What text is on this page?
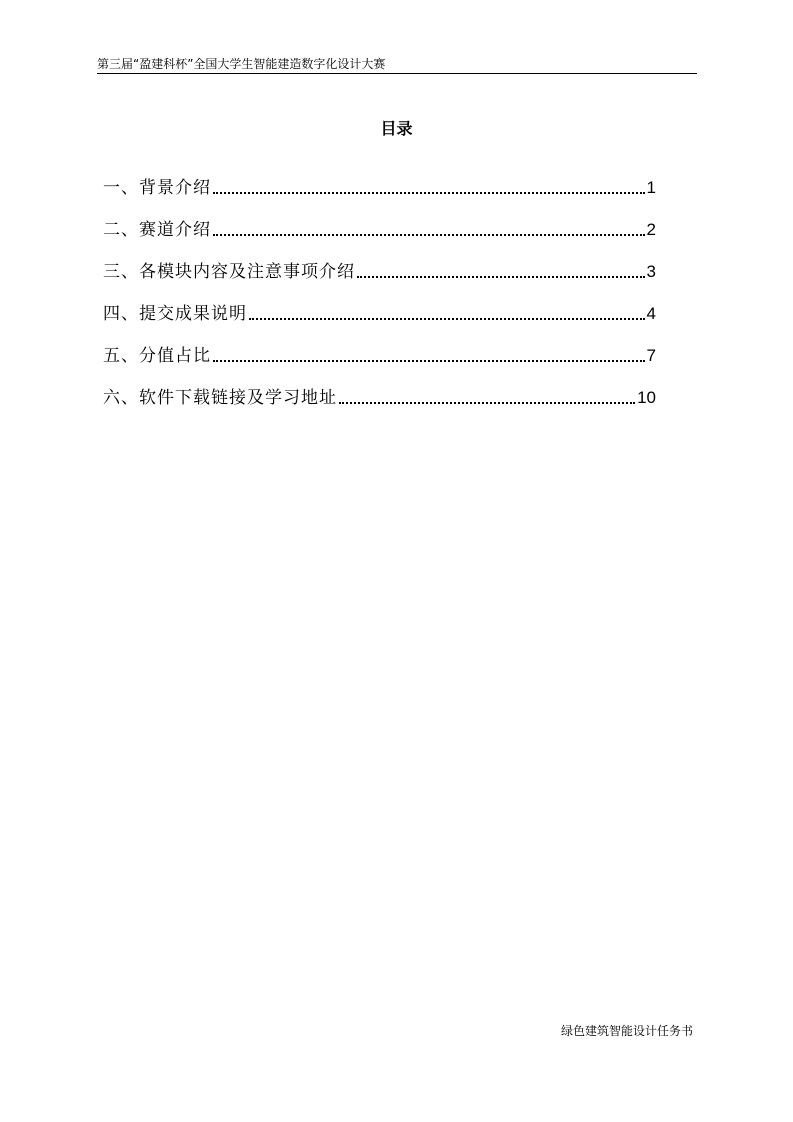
第三届“盈建科杯”全国大学生智能建造数字化设计大赛
目录
一、 背景介绍	1
二、 赛道介绍	2
三、 各模块内容及注意事项介绍	3
四、 提交成果说明	4
五、 分值占比	7
六、 软件下载链接及学习地址	10
绿色建筑智能设计任务书
